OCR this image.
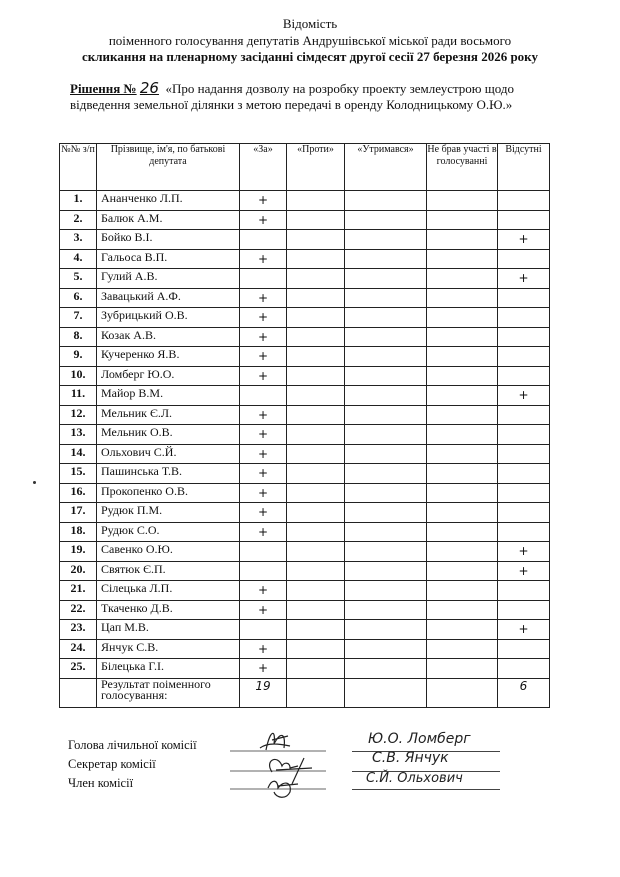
Відомість
поіменного голосування депутатів Андрушівської міської ради восьмого
скликання на пленарному засіданні сімдесят другої сесії 27 березня 2026 року
Рішення № 26 «Про надання дозволу на розробку проекту землеустрою щодо
відведення земельної ділянки з метою передачі в оренду Колодницькому О.Ю.»
№№ з/п	Прізвище, ім'я, по батькові депутата	«За»	«Проти»	«Утримався»	Не брав участі в голосуванні	Відсутні
1.	Ананченко Л.П.	+				
2.	Балюк А.М.	+				
3.	Бойко В.І.					+
4.	Гальоса В.П.	+				
5.	Гулий А.В.					+
6.	Завацький А.Ф.	+				
7.	Зубрицький О.В.	+				
8.	Козак А.В.	+				
9.	Кучеренко Я.В.	+				
10.	Ломберг Ю.О.	+				
11.	Майор В.М.					+
12.	Мельник Є.Л.	+				
13.	Мельник О.В.	+				
14.	Ольхович С.Й.	+				
15.	Пашинська Т.В.	+				
16.	Прокопенко О.В.	+				
17.	Рудюк П.М.	+				
18.	Рудюк С.О.	+				
19.	Савенко О.Ю.					+
20.	Святюк Є.П.					+
21.	Сілецька Л.П.	+				
22.	Ткаченко Д.В.	+				
23.	Цап М.В.					+
24.	Янчук С.В.	+				
25.	Білецька Г.І.	+				
	Результат поіменного голосування:	19				6
Голова лічильної комісії
Секретар комісії
Член комісії
Ю.О. Ломберг
С.В. Янчук
С.Й. Ольхович
